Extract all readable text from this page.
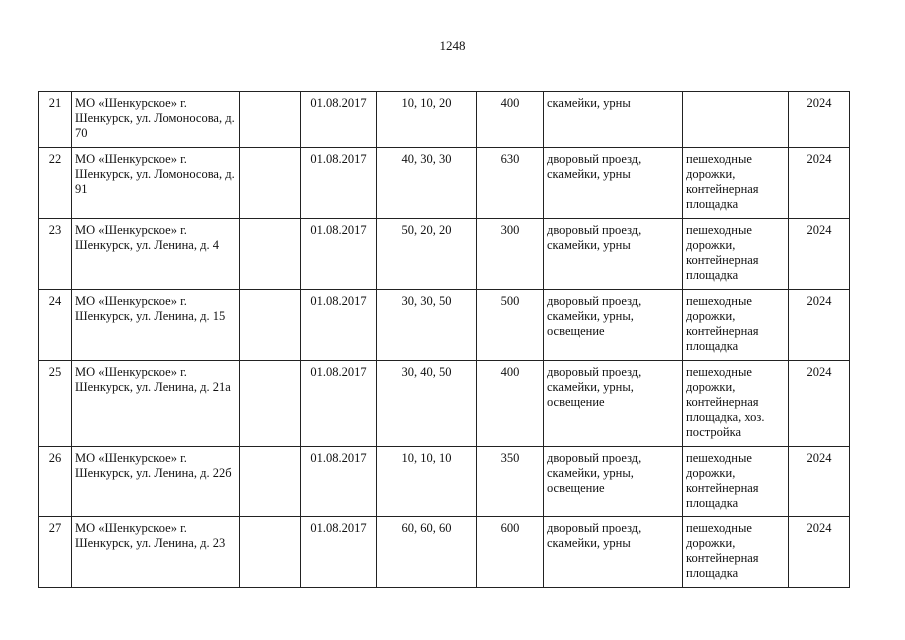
1248
21	МО «Шенкурское» г. Шенкурск, ул. Ломоносова, д. 70		01.08.2017	10, 10, 20	400	скамейки, урны		2024
22	МО «Шенкурское» г. Шенкурск, ул. Ломоносова, д. 91		01.08.2017	40, 30, 30	630	дворовый проезд, скамейки, урны	пешеходные дорожки, контейнерная площадка	2024
23	МО «Шенкурское» г. Шенкурск, ул. Ленина, д. 4		01.08.2017	50, 20, 20	300	дворовый проезд, скамейки, урны	пешеходные дорожки, контейнерная площадка	2024
24	МО «Шенкурское» г. Шенкурск, ул. Ленина, д. 15		01.08.2017	30, 30, 50	500	дворовый проезд, скамейки, урны, освещение	пешеходные дорожки, контейнерная площадка	2024
25	МО «Шенкурское» г. Шенкурск, ул. Ленина, д. 21а		01.08.2017	30, 40, 50	400	дворовый проезд, скамейки, урны, освещение	пешеходные дорожки, контейнерная площадка, хоз. постройка	2024
26	МО «Шенкурское» г. Шенкурск, ул. Ленина, д. 22б		01.08.2017	10, 10, 10	350	дворовый проезд, скамейки, урны, освещение	пешеходные дорожки, контейнерная площадка	2024
27	МО «Шенкурское» г. Шенкурск, ул. Ленина, д. 23		01.08.2017	60, 60, 60	600	дворовый проезд, скамейки, урны	пешеходные дорожки, контейнерная площадка	2024
